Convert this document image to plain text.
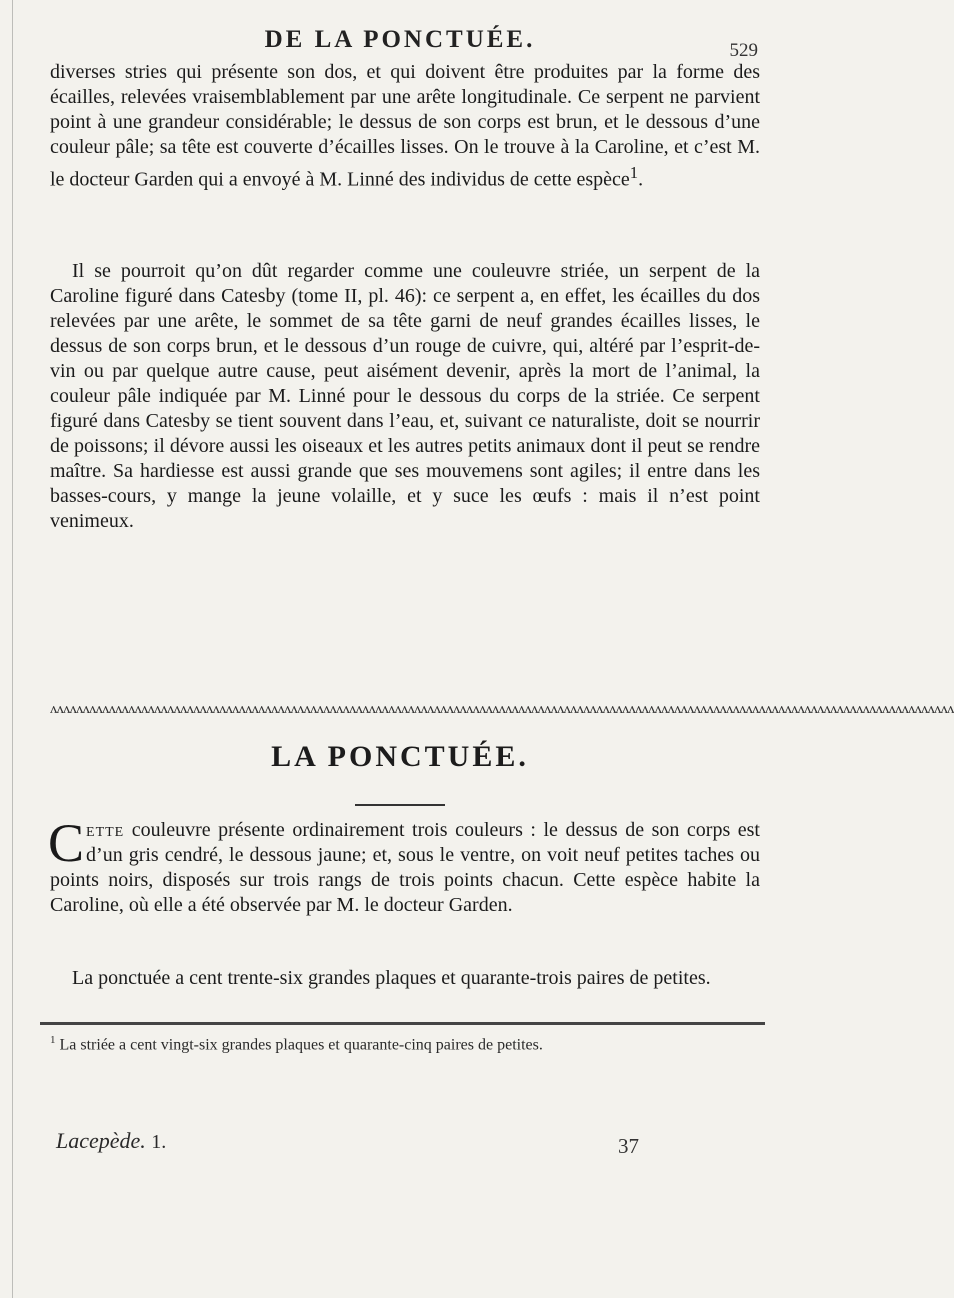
DE LA PONCTUÉE.	529

diverses stries qui présente son dos, et qui doivent être produites par la forme des écailles, relevées vraisemblablement par une arête longitudinale. Ce serpent ne parvient point à une grandeur considérable; le dessus de son corps est brun, et le dessous d’une couleur pâle; sa tête est couverte d’écailles lisses. On le trouve à la Caroline, et c’est M. le docteur Garden qui a envoyé à M. Linné des individus de cette espèce$^1$.

Il se pourroit qu’on dût regarder comme une couleuvre striée, un serpent de la Caroline figuré dans Catesby (tome II, pl. 46): ce serpent a, en effet, les écailles du dos relevées par une arête, le sommet de sa tête garni de neuf grandes écailles lisses, le dessus de son corps brun, et le dessous d’un rouge de cuivre, qui, altéré par l’esprit-de-vin ou par quelque autre cause, peut aisément devenir, après la mort de l’animal, la couleur pâle indiquée par M. Linné pour le dessous du corps de la striée. Ce serpent figuré dans Catesby se tient souvent dans l’eau, et, suivant ce naturaliste, doit se nourrir de poissons; il dévore aussi les oiseaux et les autres petits animaux dont il peut se rendre maître. Sa hardiesse est aussi grande que ses mouvemens sont agiles; il entre dans les basses-cours, y mange la jeune volaille, et y suce les œufs : mais il n’est point venimeux.

ʌʌʌʌʌʌʌʌʌʌʌʌʌʌʌʌʌʌʌʌʌʌʌʌʌʌʌʌʌʌʌʌʌʌʌʌʌʌʌʌʌʌʌʌʌʌʌʌʌʌʌʌʌʌʌʌʌʌʌʌʌʌʌʌʌʌʌʌʌʌʌʌʌʌʌʌʌʌʌʌʌʌʌʌʌʌʌʌʌʌʌʌʌʌʌʌʌʌʌʌʌʌʌʌʌʌʌʌʌʌʌʌʌʌʌʌʌʌʌʌʌʌʌʌʌʌʌʌʌʌʌʌʌʌʌʌʌʌʌ
LA PONCTUÉE.

Cette couleuvre présente ordinairement trois couleurs : le dessus de son corps est d’un gris cendré, le dessous jaune; et, sous le ventre, on voit neuf petites taches ou points noirs, disposés sur trois rangs de trois points chacun. Cette espèce habite la Caroline, où elle a été observée par M. le docteur Garden.

La ponctuée a cent trente-six grandes plaques et quarante-trois paires de petites.

$^1$ La striée a cent vingt-six grandes plaques et quarante-cinq paires de petites.

Lacepède. 1.	37
